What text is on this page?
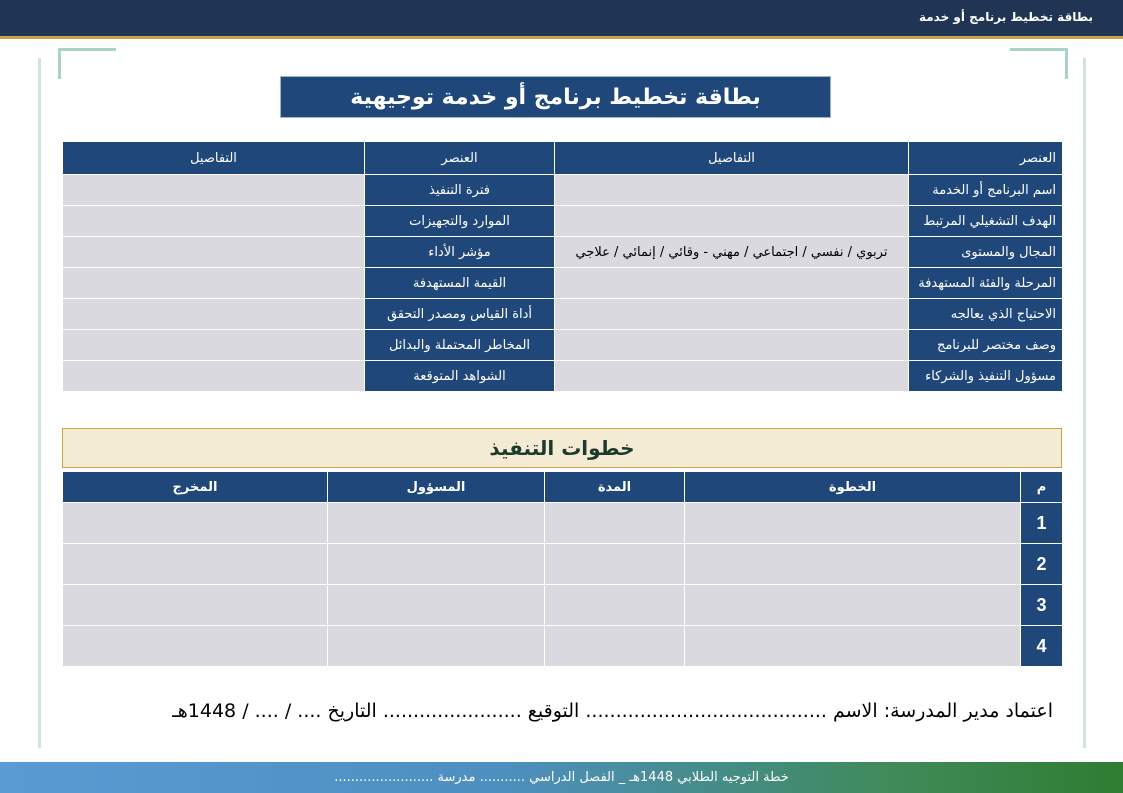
بطاقة تخطيط برنامج أو خدمة
بطاقة تخطيط برنامج أو خدمة توجيهية
العنصر	التفاصيل	العنصر	التفاصيل
اسم البرنامج أو الخدمة		فترة التنفيذ	
الهدف التشغيلي المرتبط		الموارد والتجهيزات	
المجال والمستوى	تربوي / نفسي / اجتماعي / مهني - وقائي / إنمائي / علاجي	مؤشر الأداء	
المرحلة والفئة المستهدفة		القيمة المستهدفة	
الاحتياج الذي يعالجه		أداة القياس ومصدر التحقق	
وصف مختصر للبرنامج		المخاطر المحتملة والبدائل	
مسؤول التنفيذ والشركاء		الشواهد المتوقعة	
خطوات التنفيذ
م	الخطوة	المدة	المسؤول	المخرج
1				
2				
3				
4				
اعتماد مدير المدرسة: الاسم ........................................ التوقيع ....................... التاريخ .... / .... / 1448هـ
خطة التوجيه الطلابي 1448هـ _ الفصل الدراسي ........... مدرسة ........................
